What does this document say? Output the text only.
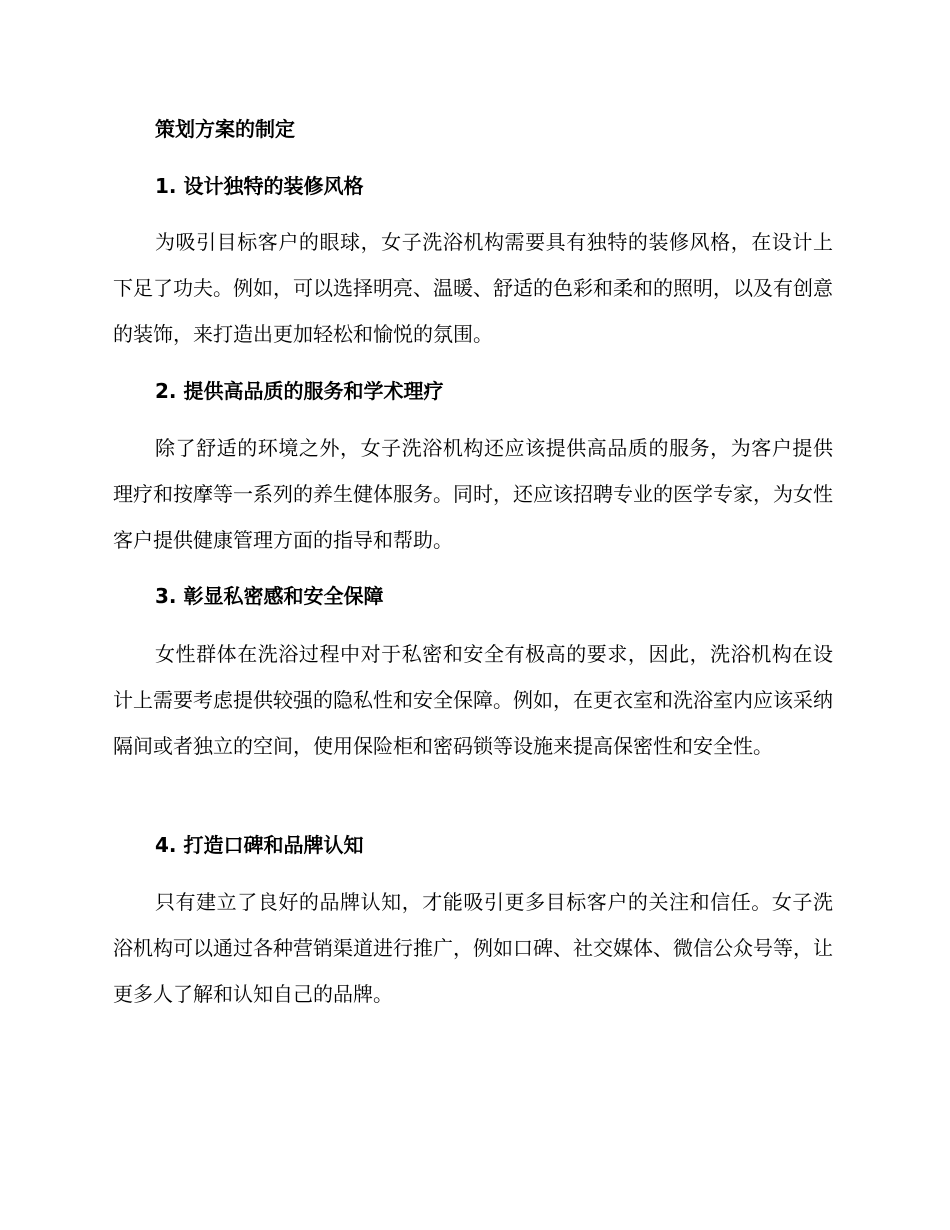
策划方案的制定
1. 设计独特的装修风格
为吸引目标客户的眼球，女子洗浴机构需要具有独特的装修风格，在设计上下足了功夫。例如，可以选择明亮、温暖、舒适的色彩和柔和的照明，以及有创意的装饰，来打造出更加轻松和愉悦的氛围。
2. 提供高品质的服务和学术理疗
除了舒适的环境之外，女子洗浴机构还应该提供高品质的服务，为客户提供理疗和按摩等一系列的养生健体服务。同时，还应该招聘专业的医学专家，为女性客户提供健康管理方面的指导和帮助。
3. 彰显私密感和安全保障
女性群体在洗浴过程中对于私密和安全有极高的要求，因此，洗浴机构在设计上需要考虑提供较强的隐私性和安全保障。例如，在更衣室和洗浴室内应该采纳隔间或者独立的空间，使用保险柜和密码锁等设施来提高保密性和安全性。
4. 打造口碑和品牌认知
只有建立了良好的品牌认知，才能吸引更多目标客户的关注和信任。女子洗浴机构可以通过各种营销渠道进行推广，例如口碑、社交媒体、微信公众号等，让更多人了解和认知自己的品牌。
